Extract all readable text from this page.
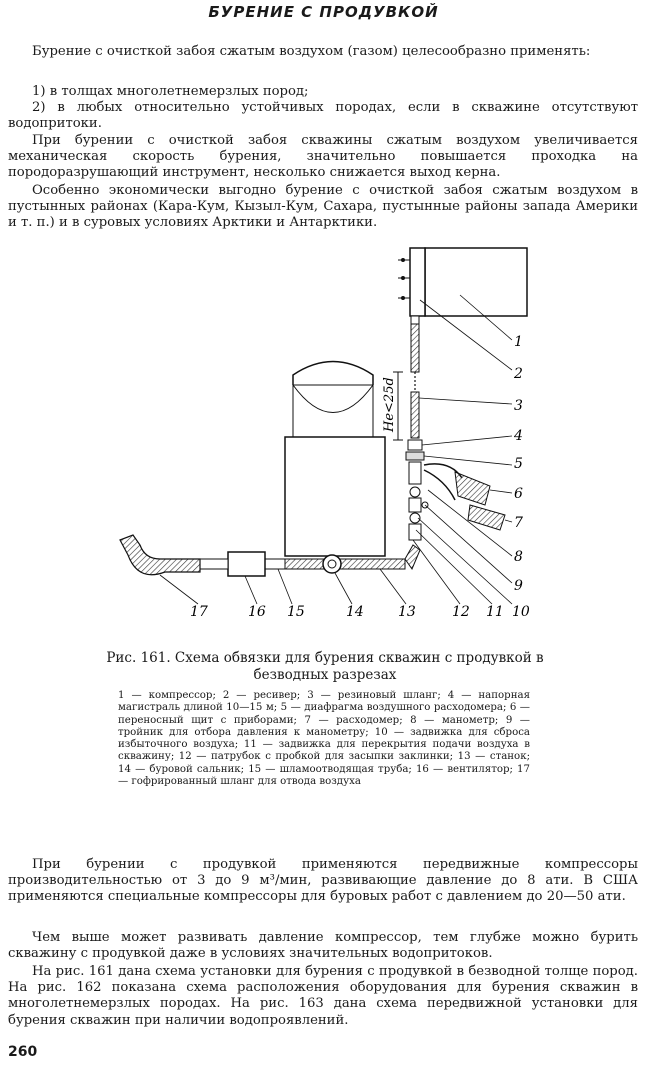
БУРЕНИЕ С ПРОДУВКОЙ
Бурение с очисткой забоя сжатым воздухом (газом) целесообразно применять:
1) в толщах многолетнемерзлых пород;
2) в любых относительно устойчивых породах, если в скважине отсутствуют водопритоки.
При бурении с очисткой забоя скважины сжатым воздухом увеличивается механическая скорость бурения, значительно повышается проходка на породоразрушающий инструмент, несколько снижается выход керна.
Особенно экономически выгодно бурение с очисткой забоя сжатым воздухом в пустынных районах (Кара-Кум, Кызыл-Кум, Сахара, пустынные районы запада Америки и т. п.) и в суровых условиях Арктики и Антарктики.
Не<25d
1
2
3
4
5
6
7
8
9
10
11
12
13
14
15
16
17
Рис. 161. Схема обвязки для бурения скважин с продувкой в безводных разрезах
1 — компрессор; 2 — ресивер; 3 — резиновый шланг; 4 — напорная магистраль длиной 10—15 м; 5 — диафрагма воздушного расходомера; 6 — переносный щит с приборами; 7 — расходомер; 8 — манометр; 9 — тройник для отбора давления к манометру; 10 — задвижка для сброса избыточного воздуха; 11 — задвижка для перекрытия подачи воздуха в скважину; 12 — патрубок с пробкой для засыпки заклинки; 13 — станок; 14 — буровой сальник; 15 — шламоотводящая труба; 16 — вентилятор; 17 — гофрированный шланг для отвода воздуха
При бурении с продувкой применяются передвижные компрессоры производительностью от 3 до 9 м³/мин, развивающие давление до 8 ати. В США применяются специальные компрессоры для буровых работ с давлением до 20—50 ати.
Чем выше может развивать давление компрессор, тем глубже можно бурить скважину с продувкой даже в условиях значительных водопритоков.
На рис. 161 дана схема установки для бурения с продувкой в безводной толще пород. На рис. 162 показана схема расположения оборудования для бурения скважин в многолетнемерзлых породах. На рис. 163 дана схема передвижной установки для бурения скважин при наличии водопроявлений.
260
